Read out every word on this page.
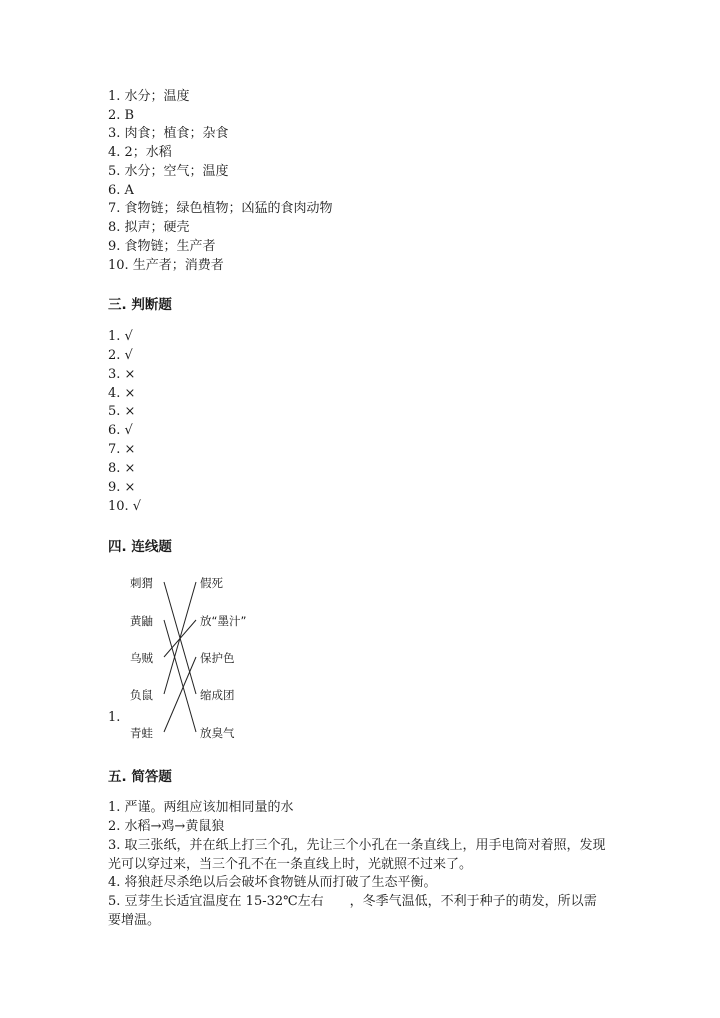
1. 水分；温度
2. B
3. 肉食；植食；杂食
4. 2；水稻
5. 水分；空气；温度
6. A
7. 食物链；绿色植物；凶猛的食肉动物
8. 拟声；硬壳
9. 食物链；生产者
10. 生产者；消费者
三. 判断题
1. √
2. √
3. ×
4. ×
5. ×
6. √
7. ×
8. ×
9. ×
10. √
四. 连线题
1.
刺猬
黄鼬
乌贼
负鼠
青蛙
假死
放“墨汁”
保护色
缩成团
放臭气
五. 简答题
1. 严谨。两组应该加相同量的水
2. 水稻→鸡→黄鼠狼
3. 取三张纸，并在纸上打三个孔，先让三个小孔在一条直线上，用手电筒对着照，发现光可以穿过来，当三个孔不在一条直线上时，光就照不过来了。
4. 将狼赶尽杀绝以后会破坏食物链从而打破了生态平衡。
5. 豆芽生长适宜温度在 15-32℃左右　　，冬季气温低，不利于种子的萌发，所以需要增温。
